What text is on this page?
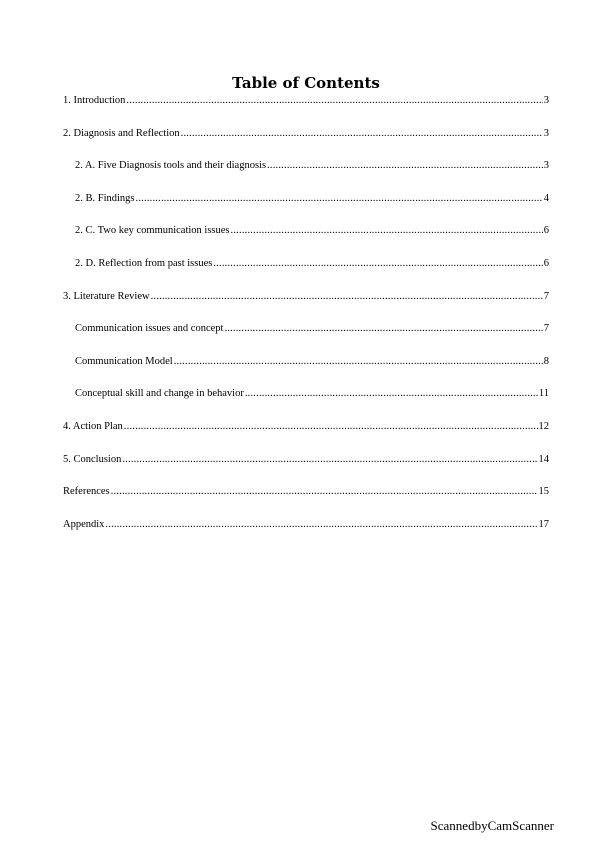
Table of Contents
1. Introduction .....	3
2. Diagnosis and Reflection .....	3
2. A. Five Diagnosis tools and their diagnosis .....	3
2. B. Findings .....	4
2. C. Two key communication issues .....	6
2. D. Reflection from past issues .....	6
3. Literature Review .....	7
Communication issues and concept .....	7
Communication Model .....	8
Conceptual skill and change in behavior .....	11
4. Action Plan .....	12
5. Conclusion .....	14
References .....	15
Appendix .....	17
ScannedbyCamScanner
